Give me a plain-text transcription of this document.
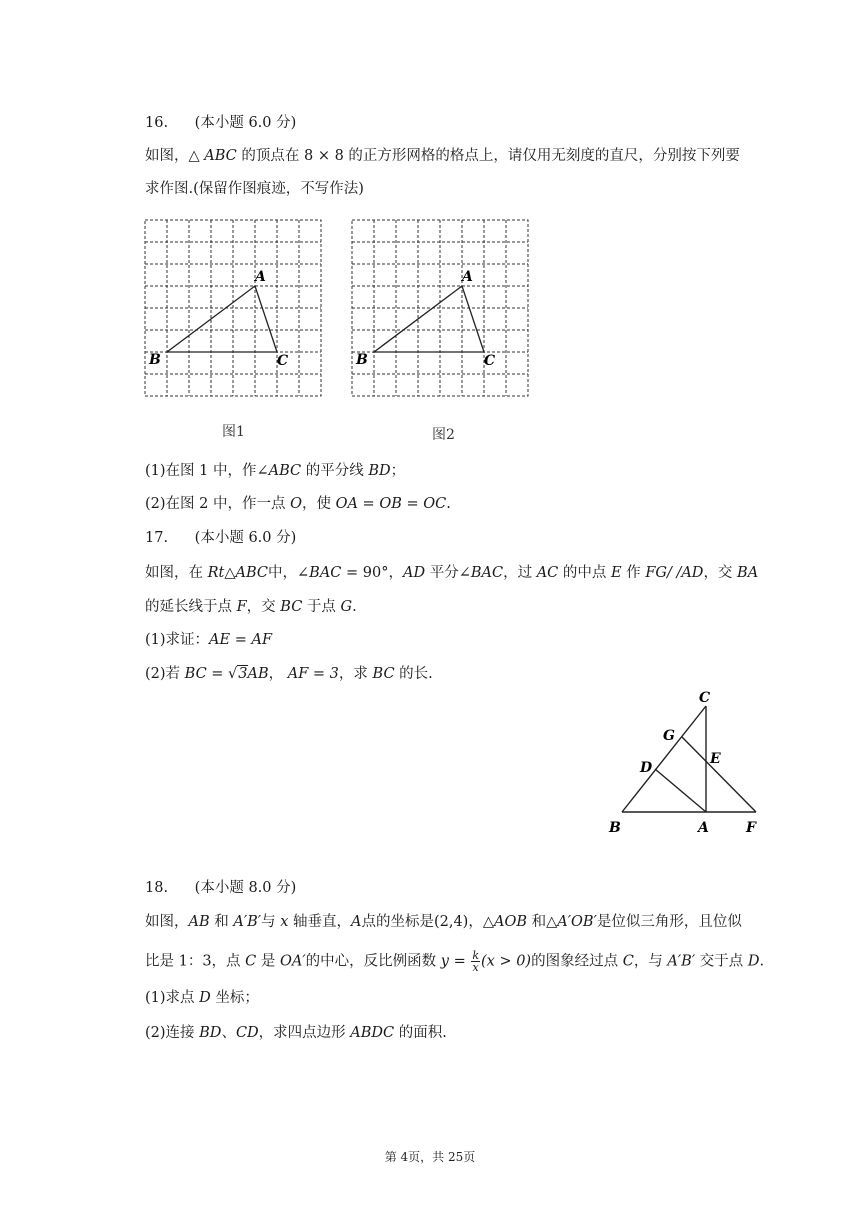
16. (本小题 6.0 分)
如图，△ ABC 的顶点在 8 × 8 的正方形网格的格点上，请仅用无刻度的直尺，分别按下列要
求作图.(保留作图痕迹，不写作法)
A
B	C
图1
A
B	C
图2
(1)在图 1 中，作∠ABC 的平分线 BD；
(2)在图 2 中，作一点 O，使 OA = OB = OC.
17. (本小题 6.0 分)
如图，在 Rt△ABC中，∠BAC = 90°，AD 平分∠BAC，过 AC 的中点 E 作 FG/ /AD，交 BA
的延长线于点 F，交 BC 于点 G.
(1)求证：AE = AF
(2)若 BC = √3AB， AF = 3，求 BC 的长.
C
G
E
D
B	A	F
18. (本小题 8.0 分)
如图，AB 和 A′B′与 x 轴垂直，A点的坐标是(2,4)，△AOB 和△A′OB′是位似三角形，且位似
比是 1：3，点 C 是 OA′的中心，反比例函数 $y = \frac{k}{x} (x > 0)$的图象经过点 C，与 A′B′ 交于点 D.
(1)求点 D 坐标；
(2)连接 BD、CD，求四点边形 ABDC 的面积.
第 4页，共 25页
